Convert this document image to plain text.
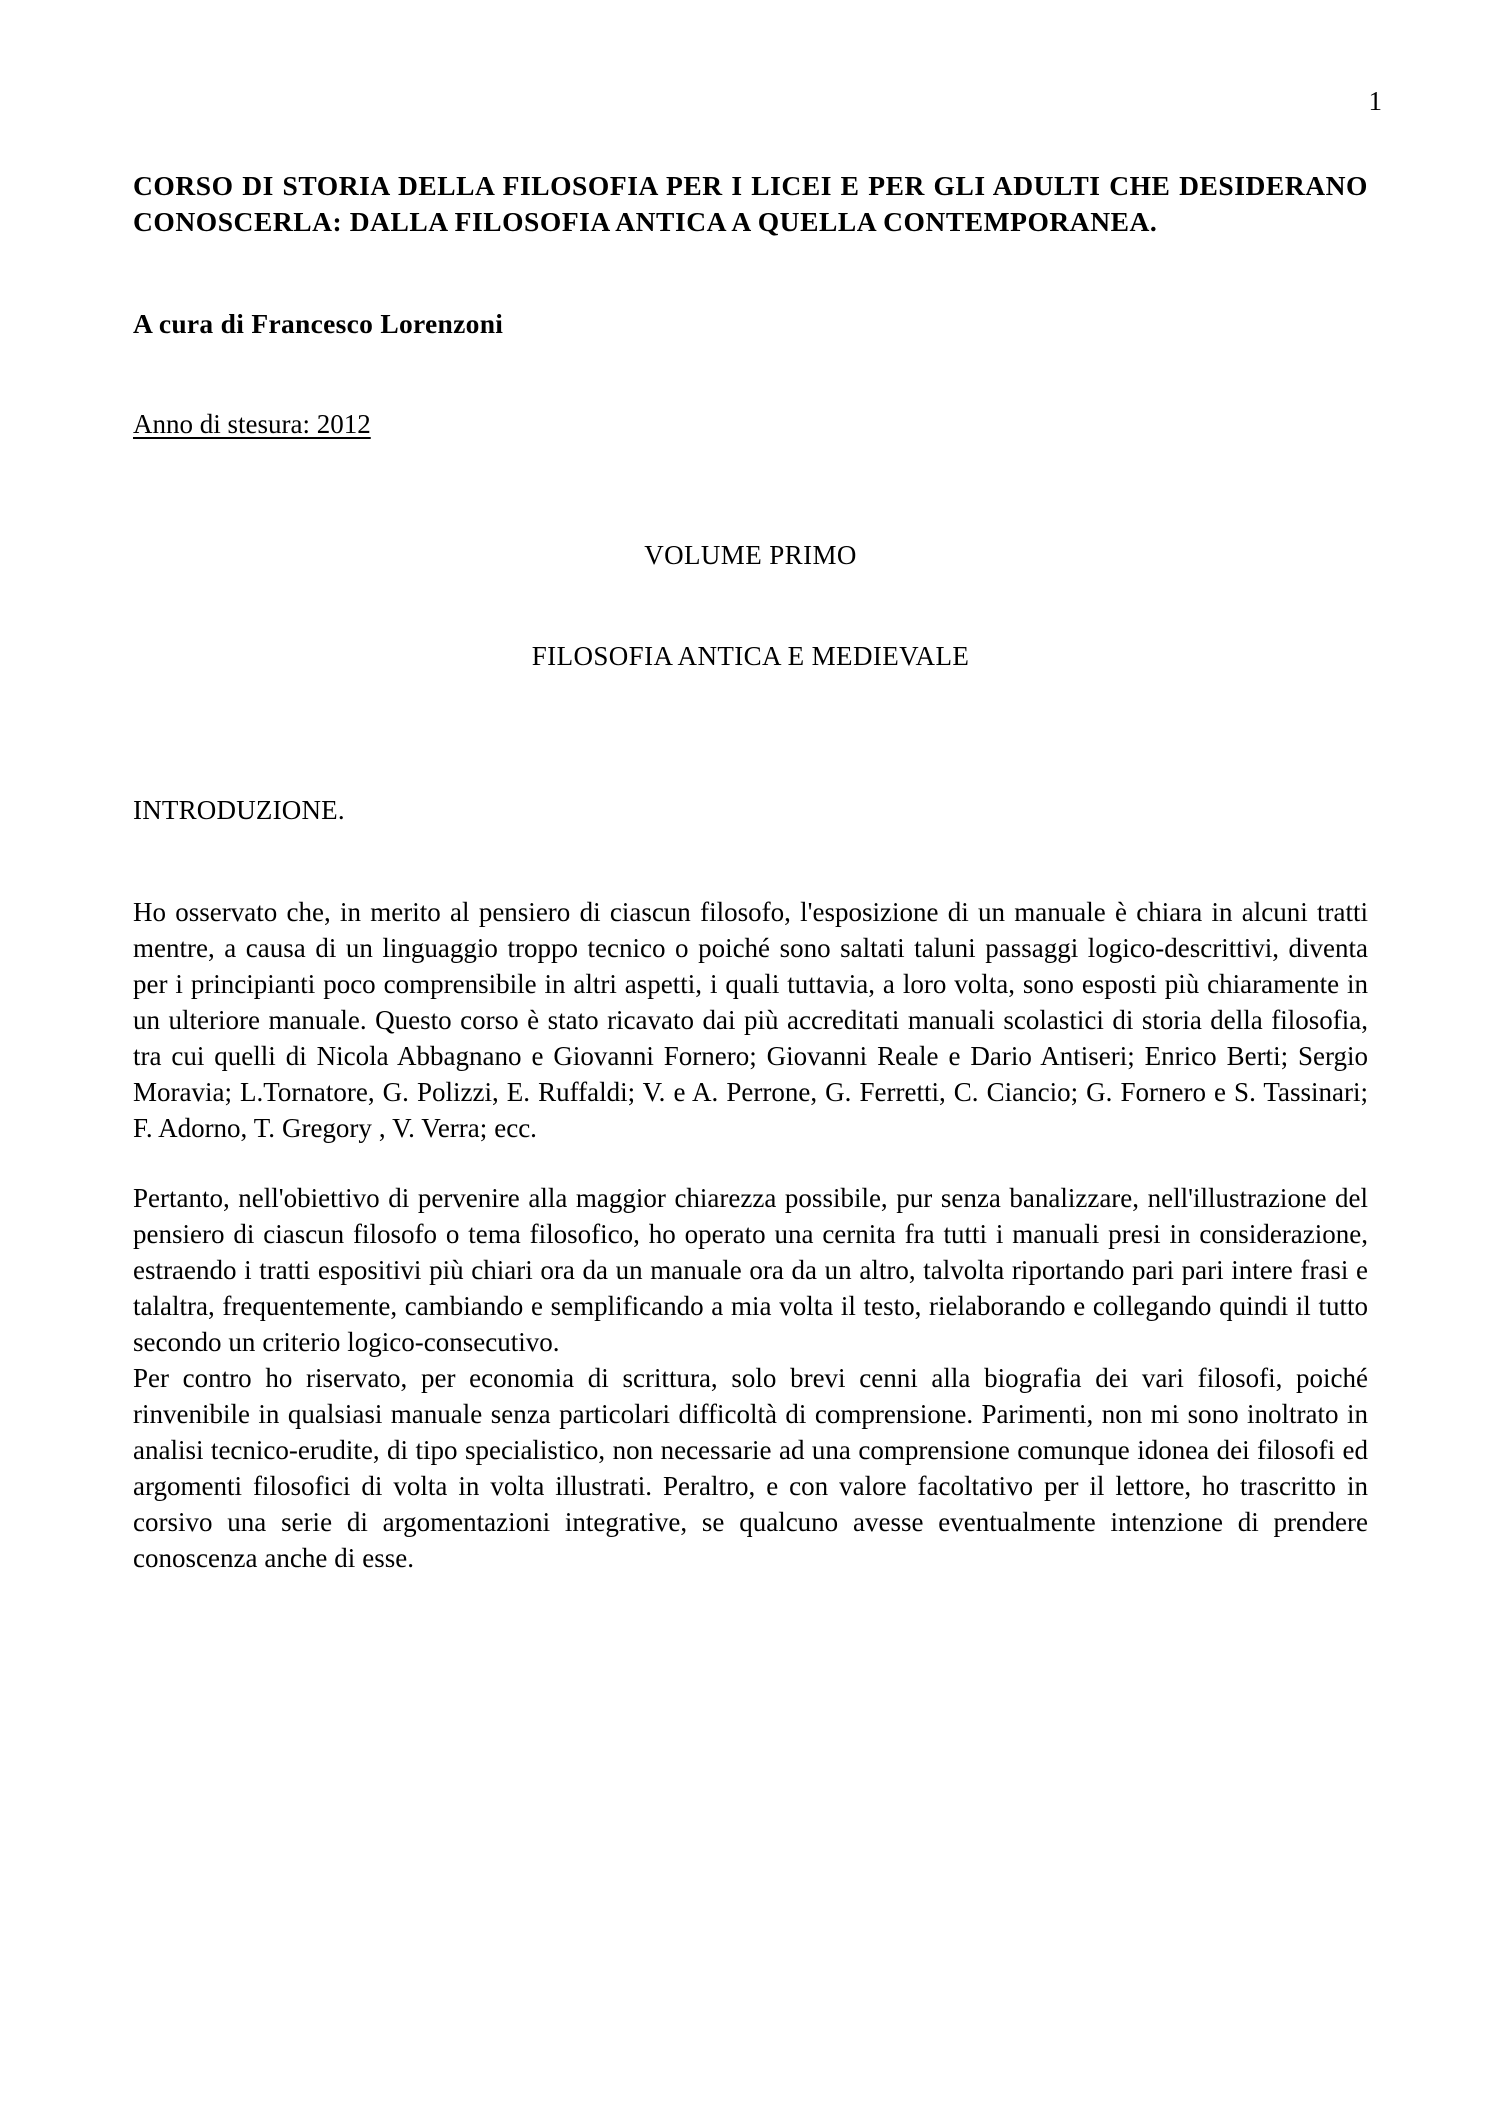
1
CORSO DI STORIA DELLA FILOSOFIA PER I LICEI E PER GLI ADULTI CHE DESIDERANO CONOSCERLA: DALLA FILOSOFIA ANTICA A QUELLA CONTEMPORANEA.
A cura di Francesco Lorenzoni
Anno di stesura: 2012
VOLUME PRIMO
FILOSOFIA ANTICA E MEDIEVALE
INTRODUZIONE.

Ho osservato che, in merito al pensiero di ciascun filosofo, l'esposizione di un manuale è chiara in alcuni tratti mentre, a causa di un linguaggio troppo tecnico o poiché sono saltati taluni passaggi logico-descrittivi, diventa per i principianti poco comprensibile in altri aspetti, i quali tuttavia, a loro volta, sono esposti più chiaramente in un ulteriore manuale. Questo corso è stato ricavato dai più accreditati manuali scolastici di storia della filosofia, tra cui quelli di Nicola Abbagnano e Giovanni Fornero; Giovanni Reale e Dario Antiseri; Enrico Berti; Sergio Moravia; L.Tornatore, G. Polizzi, E. Ruffaldi; V. e A. Perrone, G. Ferretti, C. Ciancio; G. Fornero e S. Tassinari; F. Adorno, T. Gregory , V. Verra; ecc.

Pertanto, nell'obiettivo di pervenire alla maggior chiarezza possibile, pur senza banalizzare, nell'illustrazione del pensiero di ciascun filosofo o tema filosofico, ho operato una cernita fra tutti i manuali presi in considerazione, estraendo i tratti espositivi più chiari ora da un manuale ora da un altro, talvolta riportando pari pari intere frasi e talaltra, frequentemente, cambiando e semplificando a mia volta il testo, rielaborando e collegando quindi il tutto secondo un criterio logico-consecutivo.

Per contro ho riservato, per economia di scrittura, solo brevi cenni alla biografia dei vari filosofi, poiché rinvenibile in qualsiasi manuale senza particolari difficoltà di comprensione. Parimenti, non mi sono inoltrato in analisi tecnico-erudite, di tipo specialistico, non necessarie ad una comprensione comunque idonea dei filosofi ed argomenti filosofici di volta in volta illustrati. Peraltro, e con valore facoltativo per il lettore, ho trascritto in corsivo una serie di argomentazioni integrative, se qualcuno avesse eventualmente intenzione di prendere conoscenza anche di esse.
